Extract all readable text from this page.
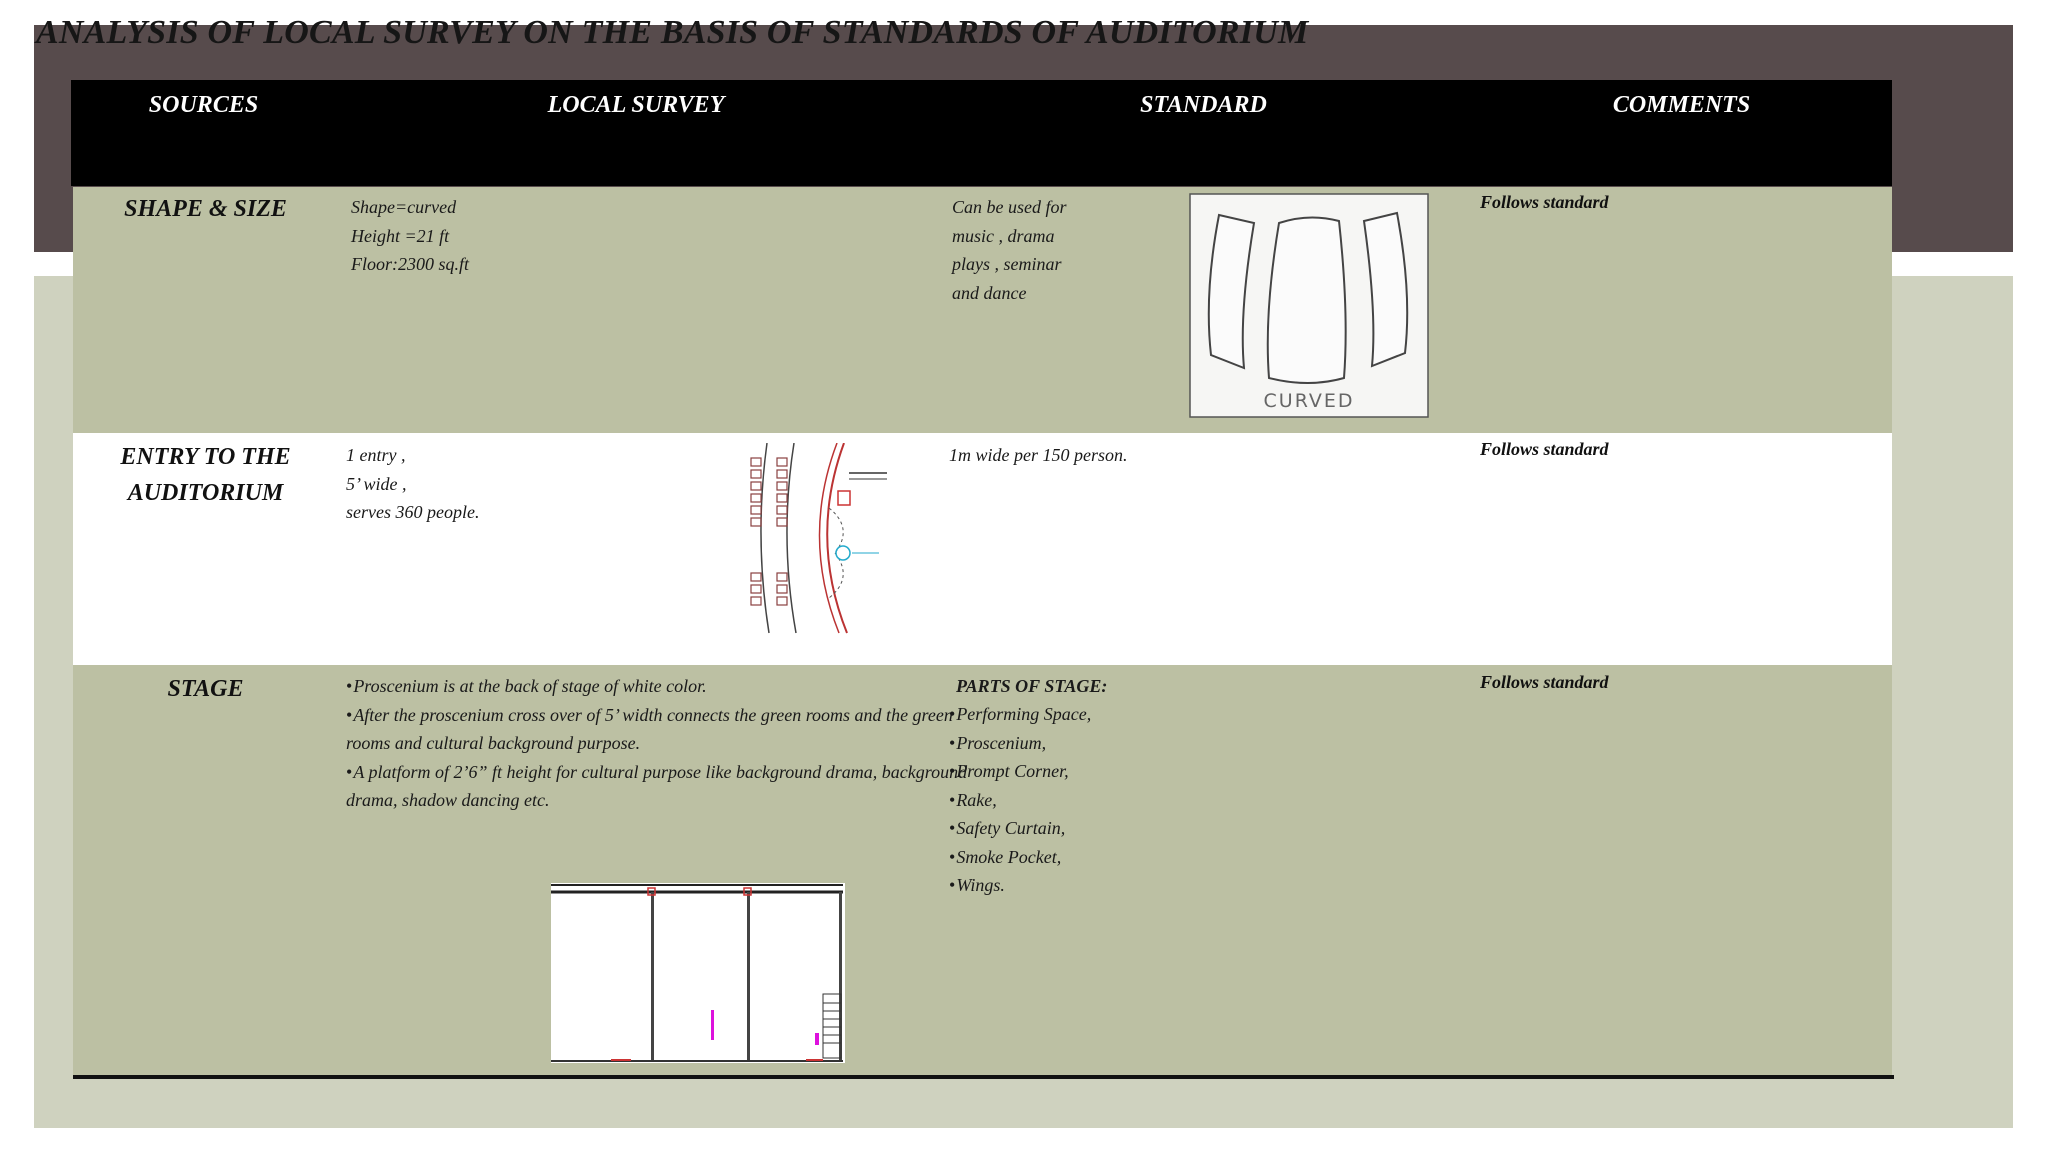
ANALYSIS OF LOCAL SURVEY ON THE BASIS OF STANDARDS OF AUDITORIUM
SOURCES	LOCAL SURVEY	STANDARD	COMMENTS
SHAPE & SIZE	Shape=curved
Height =21 ft
Floor:2300 sq.ft
Can be used for
music , drama
plays , seminar
and dance
CURVED
Follows standard
ENTRY TO THE
AUDITORIUM
1 entry ,
5’ wide ,
serves 360 people.
1m wide per 150 person.	Follows standard
STAGE
•	Proscenium is at the back of stage of white color.
• After the proscenium cross over of 5’ width connects the green rooms and the green rooms and cultural background purpose.
• A platform of 2’6” ft height for cultural purpose like background drama, background drama, shadow dancing etc.
PARTS OF STAGE:
• Performing Space,
• Proscenium,
• Prompt Corner,
• Rake,
• Safety Curtain,
• Smoke Pocket,
• Wings.
Follows standard
